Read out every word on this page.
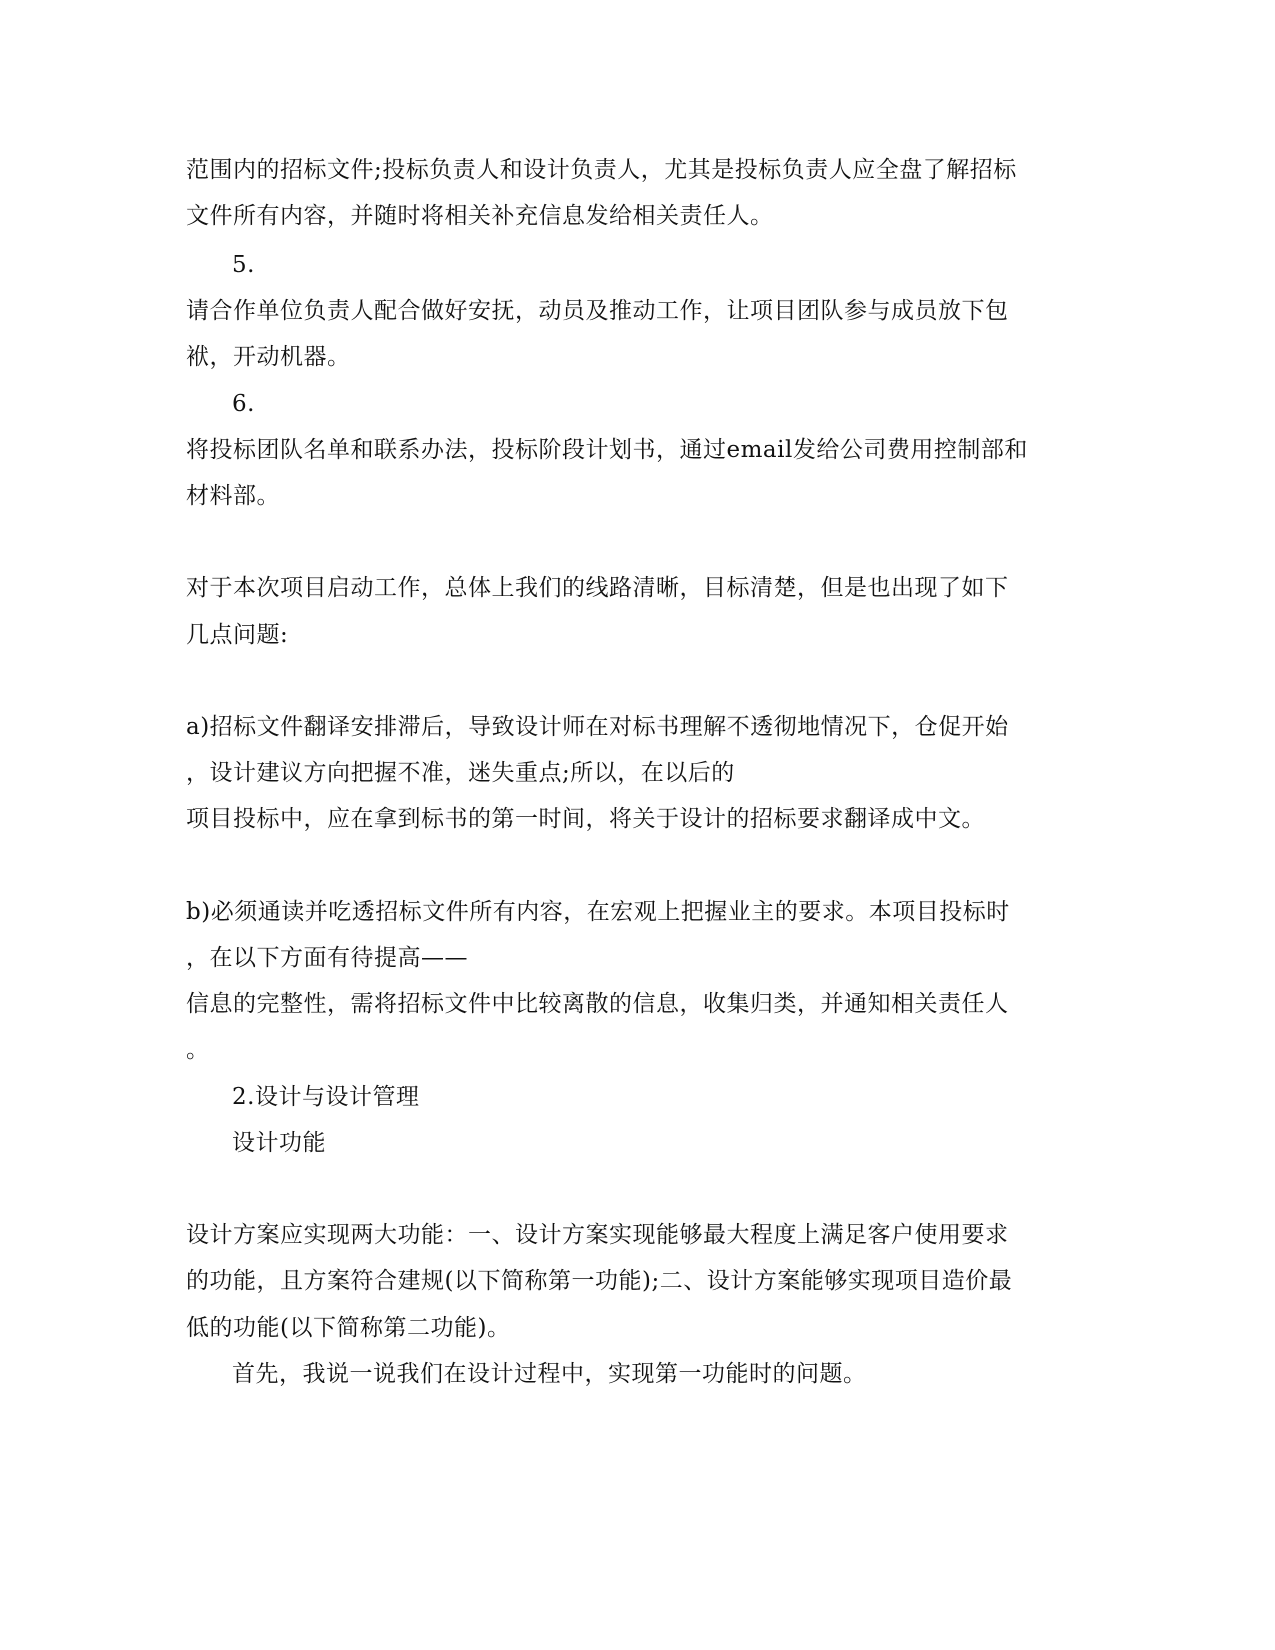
范围内的招标文件;投标负责人和设计负责人，尤其是投标负责人应全盘了解招标
文件所有内容，并随时将相关补充信息发给相关责任人。
5.
请合作单位负责人配合做好安抚，动员及推动工作，让项目团队参与成员放下包
袱，开动机器。
6.
将投标团队名单和联系办法，投标阶段计划书，通过email发给公司费用控制部和
材料部。
对于本次项目启动工作，总体上我们的线路清晰，目标清楚，但是也出现了如下
几点问题:
a)招标文件翻译安排滞后，导致设计师在对标书理解不透彻地情况下，仓促开始
，设计建议方向把握不准，迷失重点;所以，在以后的
项目投标中，应在拿到标书的第一时间，将关于设计的招标要求翻译成中文。
b)必须通读并吃透招标文件所有内容，在宏观上把握业主的要求。本项目投标时
，在以下方面有待提高——
信息的完整性，需将招标文件中比较离散的信息，收集归类，并通知相关责任人
。
2.设计与设计管理
设计功能
设计方案应实现两大功能：一、设计方案实现能够最大程度上满足客户使用要求
的功能，且方案符合建规(以下简称第一功能);二、设计方案能够实现项目造价最
低的功能(以下简称第二功能)。
首先，我说一说我们在设计过程中，实现第一功能时的问题。
